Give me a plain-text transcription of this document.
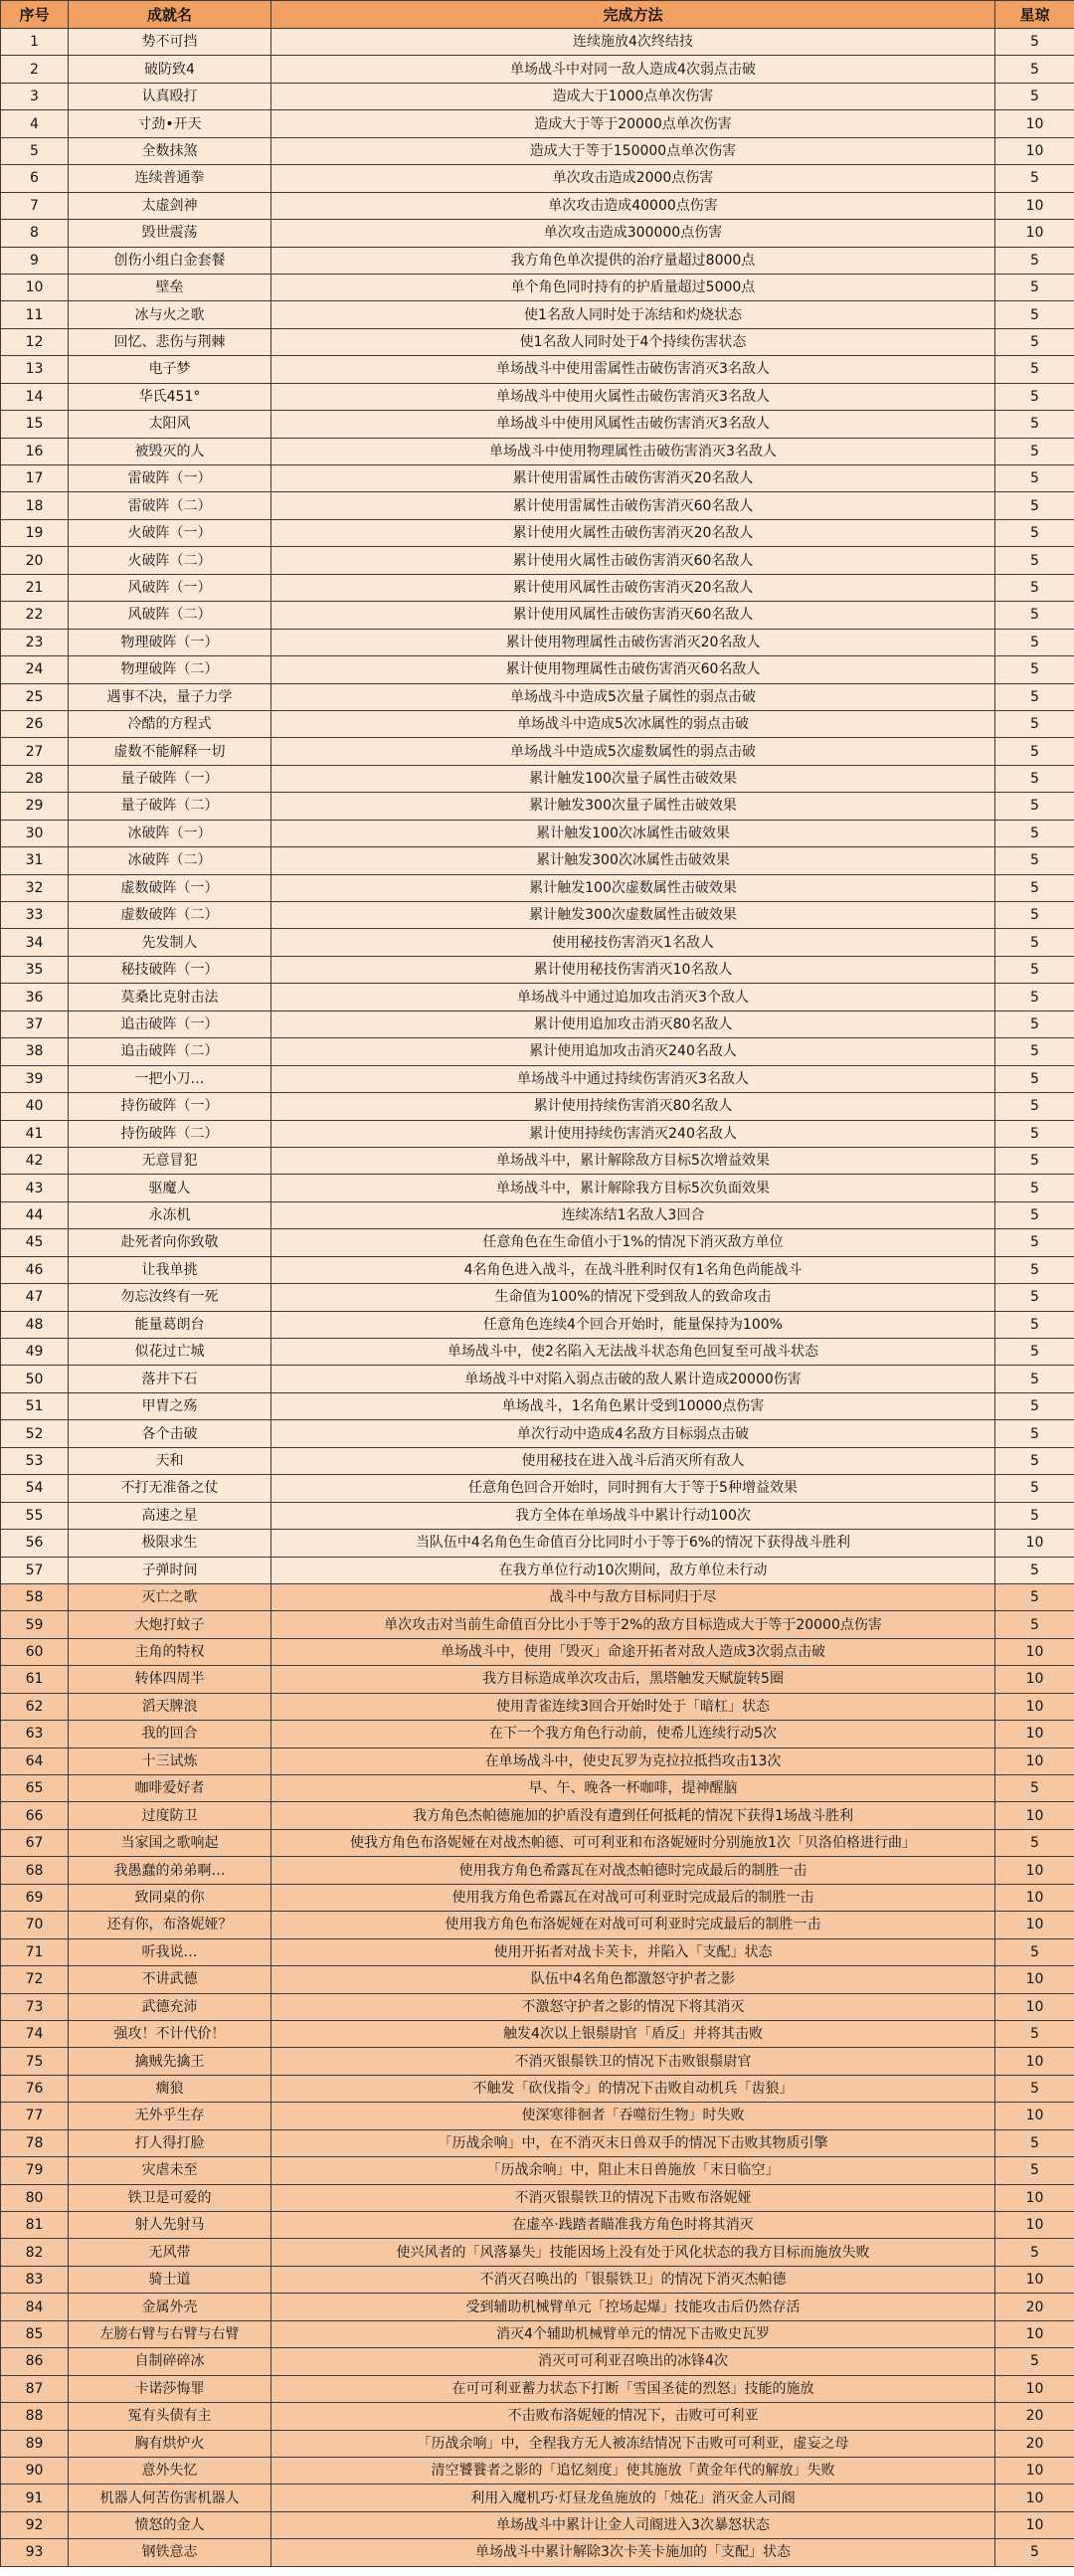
序号	成就名	完成方法	星琼
1	势不可挡	连续施放4次终结技	5
2	破防致4	单场战斗中对同一敌人造成4次弱点击破	5
3	认真殴打	造成大于1000点单次伤害	5
4	寸劲•开天	造成大于等于20000点单次伤害	10
5	全数抹煞	造成大于等于150000点单次伤害	10
6	连续普通拳	单次攻击造成2000点伤害	5
7	太虚剑神	单次攻击造成40000点伤害	10
8	毁世震荡	单次攻击造成300000点伤害	10
9	创伤小组白金套餐	我方角色单次提供的治疗量超过8000点	5
10	壁垒	单个角色同时持有的护盾量超过5000点	5
11	冰与火之歌	使1名敌人同时处于冻结和灼烧状态	5
12	回忆、悲伤与荆棘	使1名敌人同时处于4个持续伤害状态	5
13	电子梦	单场战斗中使用雷属性击破伤害消灭3名敌人	5
14	华氏451°	单场战斗中使用火属性击破伤害消灭3名敌人	5
15	太阳风	单场战斗中使用风属性击破伤害消灭3名敌人	5
16	被毁灭的人	单场战斗中使用物理属性击破伤害消灭3名敌人	5
17	雷破阵（一）	累计使用雷属性击破伤害消灭20名敌人	5
18	雷破阵（二）	累计使用雷属性击破伤害消灭60名敌人	5
19	火破阵（一）	累计使用火属性击破伤害消灭20名敌人	5
20	火破阵（二）	累计使用火属性击破伤害消灭60名敌人	5
21	风破阵（一）	累计使用风属性击破伤害消灭20名敌人	5
22	风破阵（二）	累计使用风属性击破伤害消灭60名敌人	5
23	物理破阵（一）	累计使用物理属性击破伤害消灭20名敌人	5
24	物理破阵（二）	累计使用物理属性击破伤害消灭60名敌人	5
25	遇事不决，量子力学	单场战斗中造成5次量子属性的弱点击破	5
26	冷酷的方程式	单场战斗中造成5次冰属性的弱点击破	5
27	虚数不能解释一切	单场战斗中造成5次虚数属性的弱点击破	5
28	量子破阵（一）	累计触发100次量子属性击破效果	5
29	量子破阵（二）	累计触发300次量子属性击破效果	5
30	冰破阵（一）	累计触发100次冰属性击破效果	5
31	冰破阵（二）	累计触发300次冰属性击破效果	5
32	虚数破阵（一）	累计触发100次虚数属性击破效果	5
33	虚数破阵（二）	累计触发300次虚数属性击破效果	5
34	先发制人	使用秘技伤害消灭1名敌人	5
35	秘技破阵（一）	累计使用秘技伤害消灭10名敌人	5
36	莫桑比克射击法	单场战斗中通过追加攻击消灭3个敌人	5
37	追击破阵（一）	累计使用追加攻击消灭80名敌人	5
38	追击破阵（二）	累计使用追加攻击消灭240名敌人	5
39	一把小刀…	单场战斗中通过持续伤害消灭3名敌人	5
40	持伤破阵（一）	累计使用持续伤害消灭80名敌人	5
41	持伤破阵（二）	累计使用持续伤害消灭240名敌人	5
42	无意冒犯	单场战斗中，累计解除敌方目标5次增益效果	5
43	驱魔人	单场战斗中，累计解除我方目标5次负面效果	5
44	永冻机	连续冻结1名敌人3回合	5
45	赴死者向你致敬	任意角色在生命值小于1%的情况下消灭敌方单位	5
46	让我单挑	4名角色进入战斗，在战斗胜利时仅有1名角色尚能战斗	5
47	勿忘汝终有一死	生命值为100%的情况下受到敌人的致命攻击	5
48	能量葛朗台	任意角色连续4个回合开始时，能量保持为100%	5
49	似花过亡城	单场战斗中，使2名陷入无法战斗状态角色回复至可战斗状态	5
50	落井下石	单场战斗中对陷入弱点击破的敌人累计造成20000伤害	5
51	甲胄之殇	单场战斗，1名角色累计受到10000点伤害	5
52	各个击破	单次行动中造成4名敌方目标弱点击破	5
53	天和	使用秘技在进入战斗后消灭所有敌人	5
54	不打无准备之仗	任意角色回合开始时，同时拥有大于等于5种增益效果	5
55	高速之星	我方全体在单场战斗中累计行动100次	5
56	极限求生	当队伍中4名角色生命值百分比同时小于等于6%的情况下获得战斗胜利	10
57	子弹时间	在我方单位行动10次期间，敌方单位未行动	5
58	灭亡之歌	战斗中与敌方目标同归于尽	5
59	大炮打蚊子	单次攻击对当前生命值百分比小于等于2%的敌方目标造成大于等于20000点伤害	5
60	主角的特权	单场战斗中，使用「毁灭」命途开拓者对敌人造成3次弱点击破	10
61	转体四周半	我方目标造成单次攻击后，黑塔触发天赋旋转5圈	10
62	滔天牌浪	使用青雀连续3回合开始时处于「暗杠」状态	10
63	我的回合	在下一个我方角色行动前，使希儿连续行动5次	10
64	十三试炼	在单场战斗中，使史瓦罗为克拉拉抵挡攻击13次	10
65	咖啡爱好者	早、午、晚各一杯咖啡，提神醒脑	5
66	过度防卫	我方角色杰帕德施加的护盾没有遭到任何抵耗的情况下获得1场战斗胜利	10
67	当家国之歌响起	使我方角色布洛妮娅在对战杰帕德、可可利亚和布洛妮娅时分别施放1次「贝洛伯格进行曲」	5
68	我愚蠢的弟弟啊…	使用我方角色希露瓦在对战杰帕德时完成最后的制胜一击	10
69	致同桌的你	使用我方角色希露瓦在对战可可利亚时完成最后的制胜一击	10
70	还有你，布洛妮娅？	使用我方角色布洛妮娅在对战可可利亚时完成最后的制胜一击	10
71	听我说…	使用开拓者对战卡芙卡，并陷入「支配」状态	5
72	不讲武德	队伍中4名角色都激怒守护者之影	10
73	武德充沛	不激怒守护者之影的情况下将其消灭	10
74	强攻！不计代价！	触发4次以上银鬃尉官「盾反」并将其击败	5
75	擒贼先擒王	不消灭银鬃铁卫的情况下击败银鬃尉官	10
76	瘸狼	不触发「砍伐指令」的情况下击败自动机兵「齿狼」	5
77	无外乎生存	使深寒徘徊者「吞噬衍生物」时失败	10
78	打人得打脸	「历战余响」中，在不消灭末日兽双手的情况下击败其物质引擎	5
79	灾虐未至	「历战余响」中，阻止末日兽施放「末日临空」	5
80	铁卫是可爱的	不消灭银鬃铁卫的情况下击败布洛妮娅	10
81	射人先射马	在虚卒·践踏者瞄准我方角色时将其消灭	10
82	无风带	使兴风者的「风落暴失」技能因场上没有处于风化状态的我方目标而施放失败	5
83	骑士道	不消灭召唤出的「银鬃铁卫」的情况下消灭杰帕德	10
84	金属外壳	受到辅助机械臂单元「控场起爆」技能攻击后仍然存活	20
85	左膀右臂与右臂与右臂	消灭4个辅助机械臂单元的情况下击败史瓦罗	10
86	自制碎碎冰	消灭可可利亚召唤出的冰锋4次	5
87	卡诺莎悔罪	在可可利亚蓄力状态下打断「雪国圣徒的烈怒」技能的施放	10
88	冤有头债有主	不击败布洛妮娅的情况下，击败可可利亚	20
89	胸有烘炉火	「历战余响」中，全程我方无人被冻结情况下击败可可利亚，虚妄之母	20
90	意外失忆	清空饕餮者之影的「追忆刻度」使其施放「黄金年代的解放」失败	10
91	机器人何苦伤害机器人	利用入魔机巧·灯昼龙鱼施放的「烛花」消灭金人司阍	10
92	愤怒的金人	单场战斗中累计让金人司阍进入3次暴怒状态	10
93	钢铁意志	单场战斗中累计解除3次卡芙卡施加的「支配」状态	5
